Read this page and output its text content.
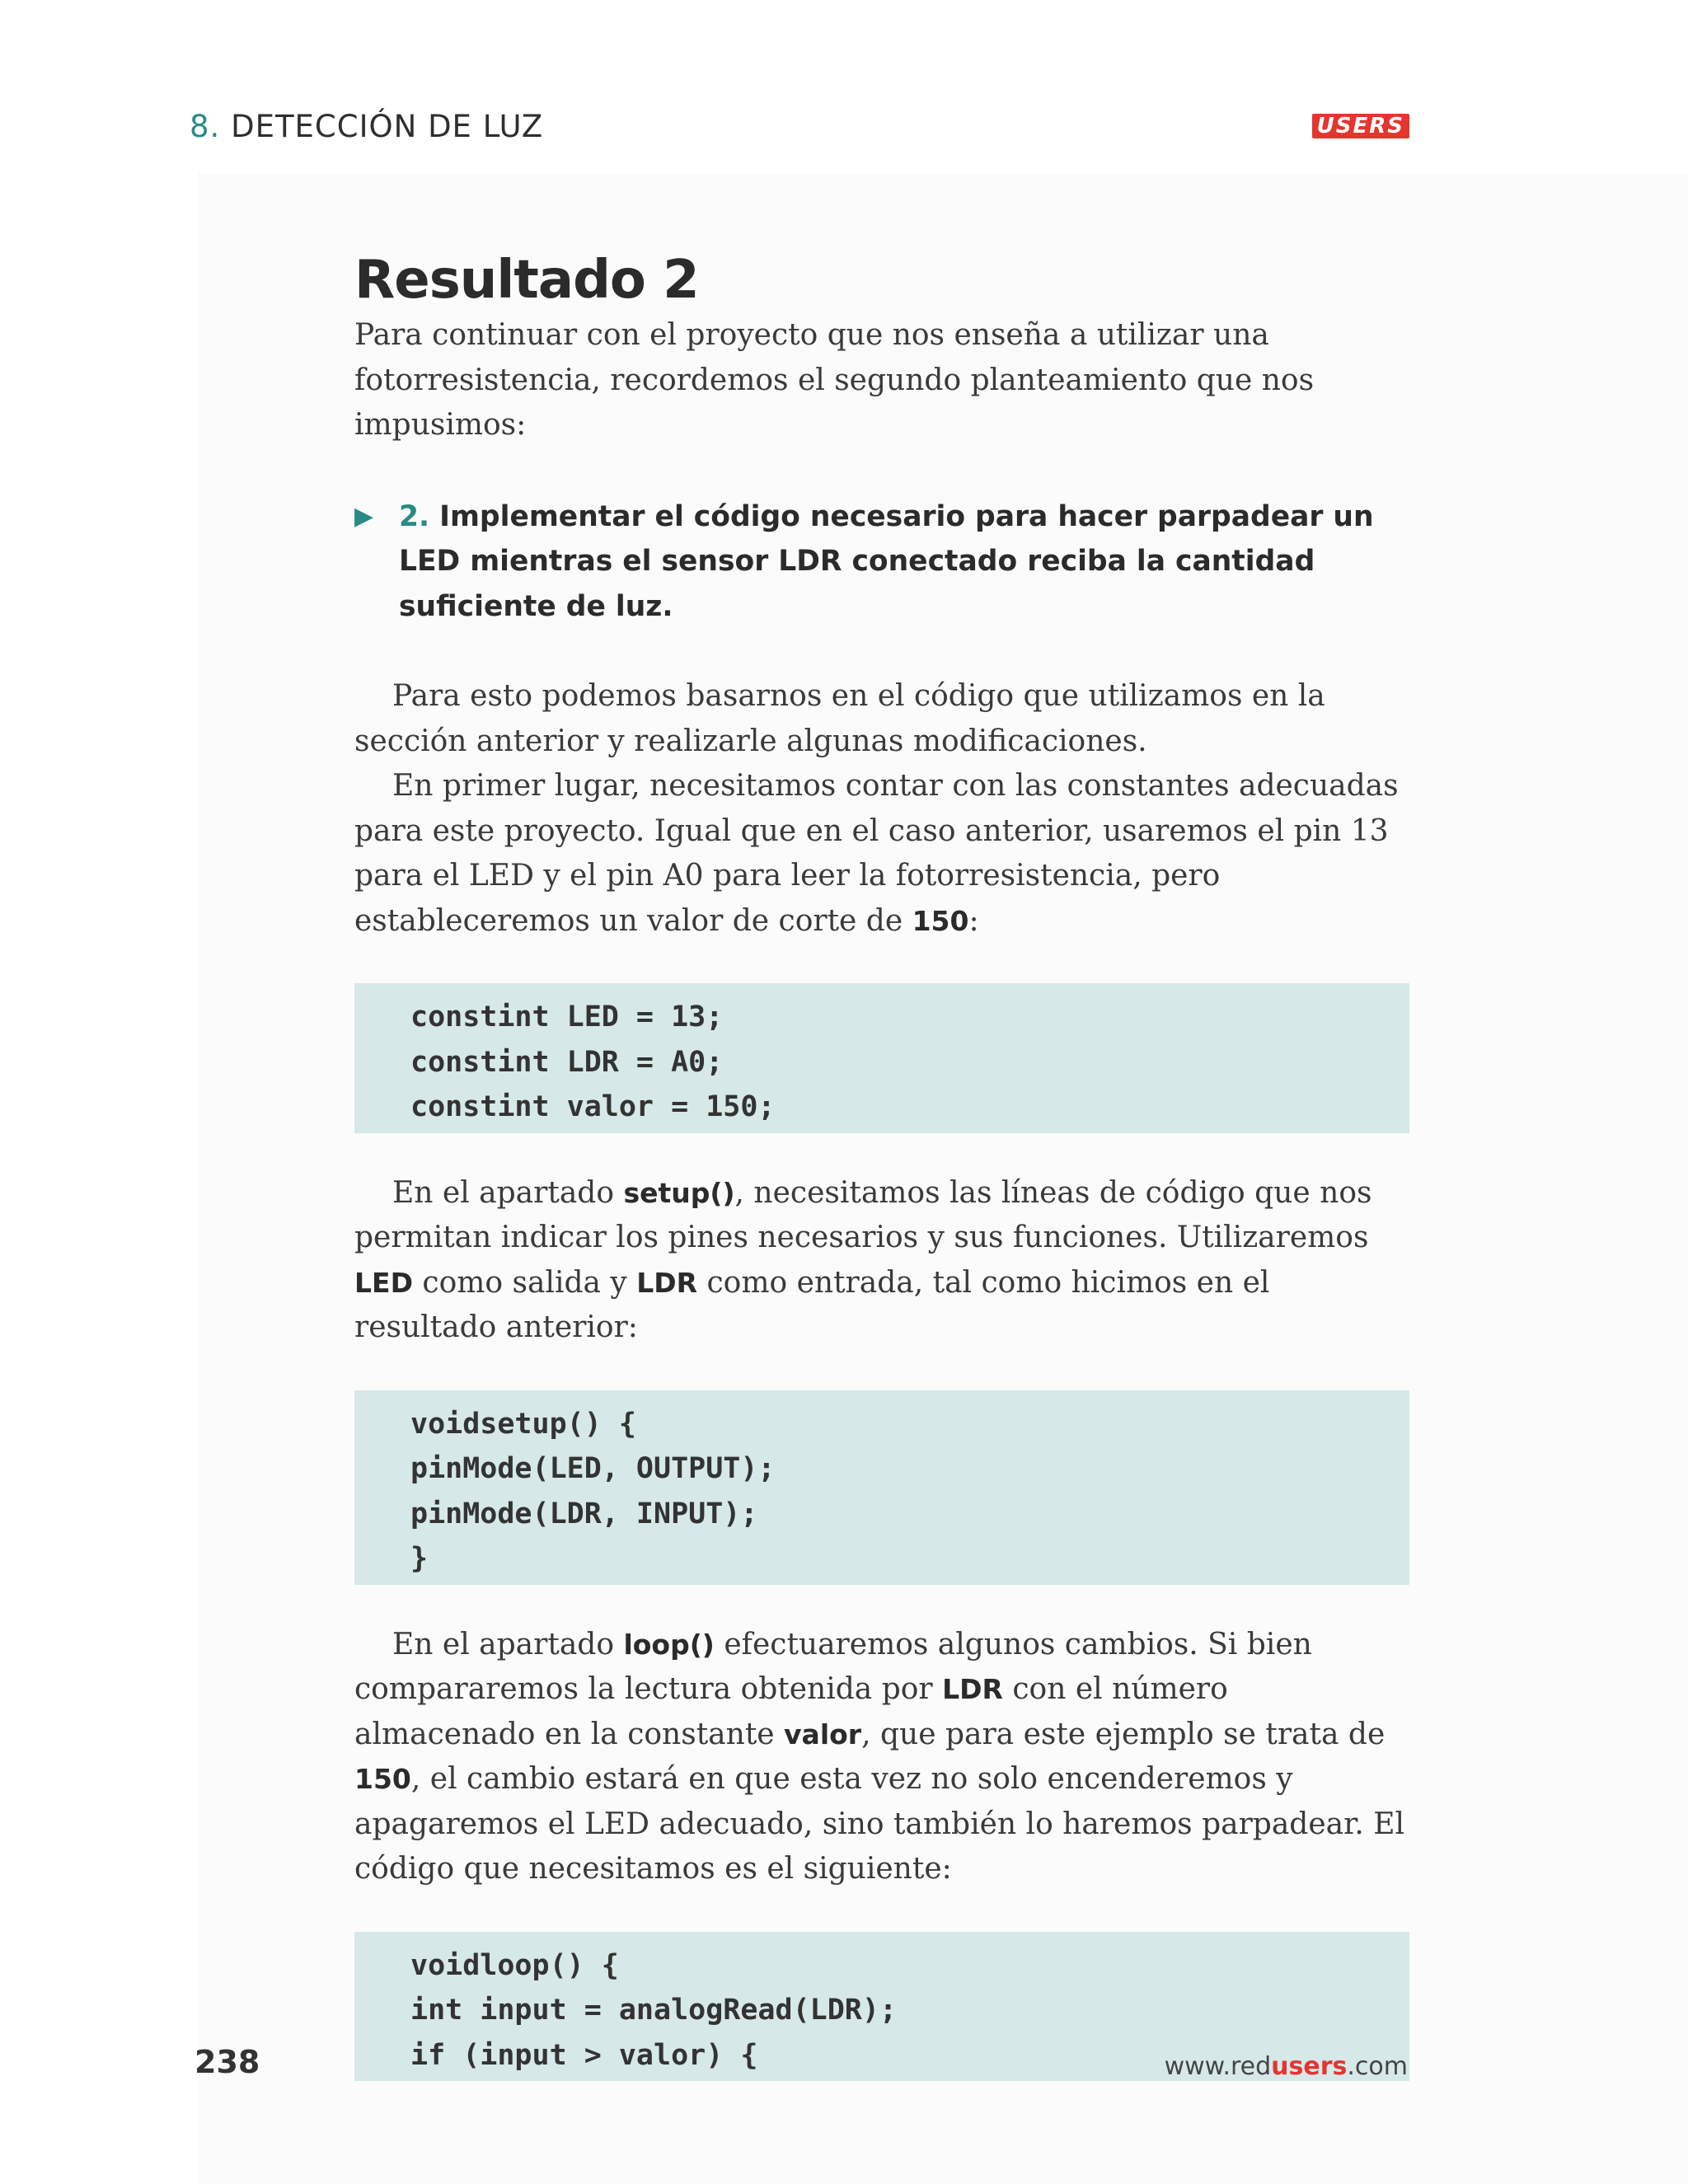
8. DETECCIÓN DE LUZ	USERS
Resultado 2

Para continuar con el proyecto que nos enseña a utilizar una fotorresistencia, recordemos el segundo planteamiento que nos impusimos:

▶ 2. Implementar el código necesario para hacer parpadear un LED mientras el sensor LDR conectado reciba la cantidad suficiente de luz.

Para esto podemos basarnos en el código que utilizamos en la sección anterior y realizarle algunas modificaciones.

En primer lugar, necesitamos contar con las constantes adecuadas para este proyecto. Igual que en el caso anterior, usaremos el pin 13 para el LED y el pin A0 para leer la fotorresistencia, pero estableceremos un valor de corte de 150:

constint LED = 13;
constint LDR = A0;
constint valor = 150;

En el apartado setup(), necesitamos las líneas de código que nos permitan indicar los pines necesarios y sus funciones. Utilizaremos LED como salida y LDR como entrada, tal como hicimos en el resultado anterior:

voidsetup() {
pinMode(LED, OUTPUT);
pinMode(LDR, INPUT);
}

En el apartado loop() efectuaremos algunos cambios. Si bien compararemos la lectura obtenida por LDR con el número almacenado en la constante valor, que para este ejemplo se trata de 150, el cambio estará en que esta vez no solo encenderemos y apagaremos el LED adecuado, sino también lo haremos parpadear. El código que necesitamos es el siguiente:

voidloop() {
int input = analogRead(LDR);
if (input > valor) {
238	www.redusers.com
